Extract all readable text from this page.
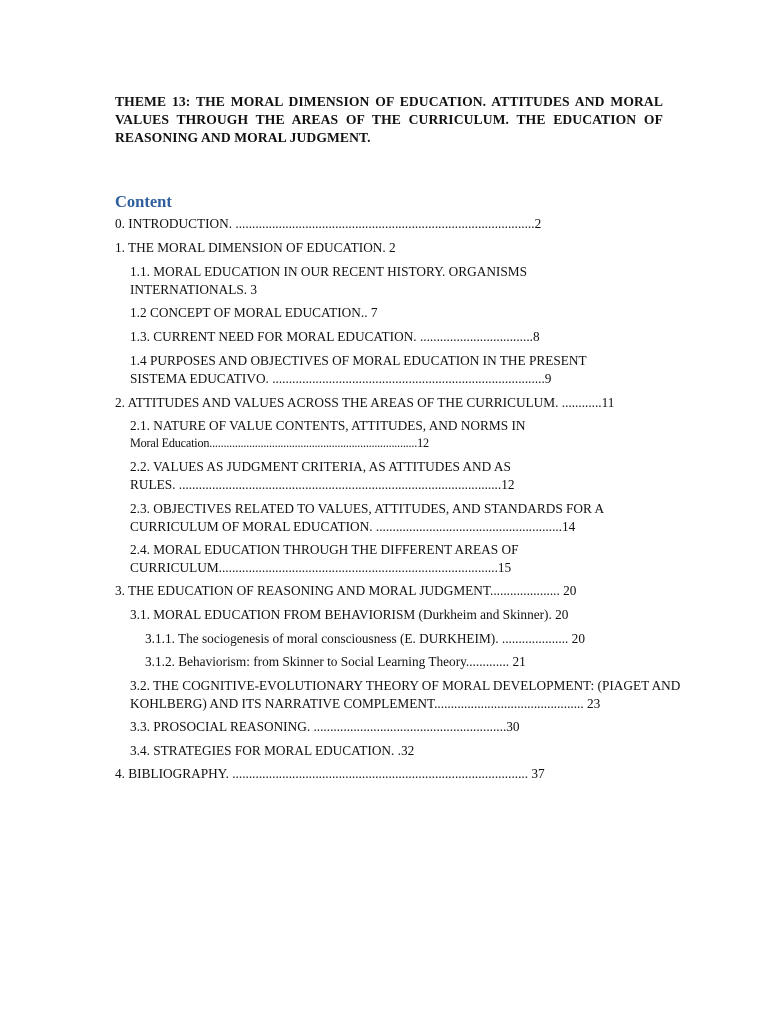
THEME 13: THE MORAL DIMENSION OF EDUCATION. ATTITUDES AND MORAL VALUES THROUGH THE AREAS OF THE CURRICULUM. THE EDUCATION OF REASONING AND MORAL JUDGMENT.
Content
0. INTRODUCTION. ..........................................................................................2
1. THE MORAL DIMENSION OF EDUCATION. 2
1.1. MORAL EDUCATION IN OUR RECENT HISTORY. ORGANISMS
INTERNATIONALS. 3
1.2 CONCEPT OF MORAL EDUCATION.. 7
1.3. CURRENT NEED FOR MORAL EDUCATION. ..................................8
1.4 PURPOSES AND OBJECTIVES OF MORAL EDUCATION IN THE PRESENT
SISTEMA EDUCATIVO. ..................................................................................9
2. ATTITUDES AND VALUES ACROSS THE AREAS OF THE CURRICULUM. ............11
2.1. NATURE OF VALUE CONTENTS, ATTITUDES, AND NORMS IN
Moral Education.........................................................................12
2.2. VALUES AS JUDGMENT CRITERIA, AS ATTITUDES AND AS
RULES. .................................................................................................12
2.3. OBJECTIVES RELATED TO VALUES, ATTITUDES, AND STANDARDS FOR A
CURRICULUM OF MORAL EDUCATION. ........................................................14
2.4. MORAL EDUCATION THROUGH THE DIFFERENT AREAS OF
CURRICULUM....................................................................................15
3. THE EDUCATION OF REASONING AND MORAL JUDGMENT..................... 20
3.1. MORAL EDUCATION FROM BEHAVIORISM (Durkheim and Skinner). 20
3.1.1. The sociogenesis of moral consciousness (E. DURKHEIM). .................... 20
3.1.2. Behaviorism: from Skinner to Social Learning Theory............. 21
3.2. THE COGNITIVE-EVOLUTIONARY THEORY OF MORAL DEVELOPMENT: (PIAGET AND
KOHLBERG) AND ITS NARRATIVE COMPLEMENT............................................. 23
3.3. PROSOCIAL REASONING. ..........................................................30
3.4. STRATEGIES FOR MORAL EDUCATION. .32
4. BIBLIOGRAPHY. ......................................................................................... 37
